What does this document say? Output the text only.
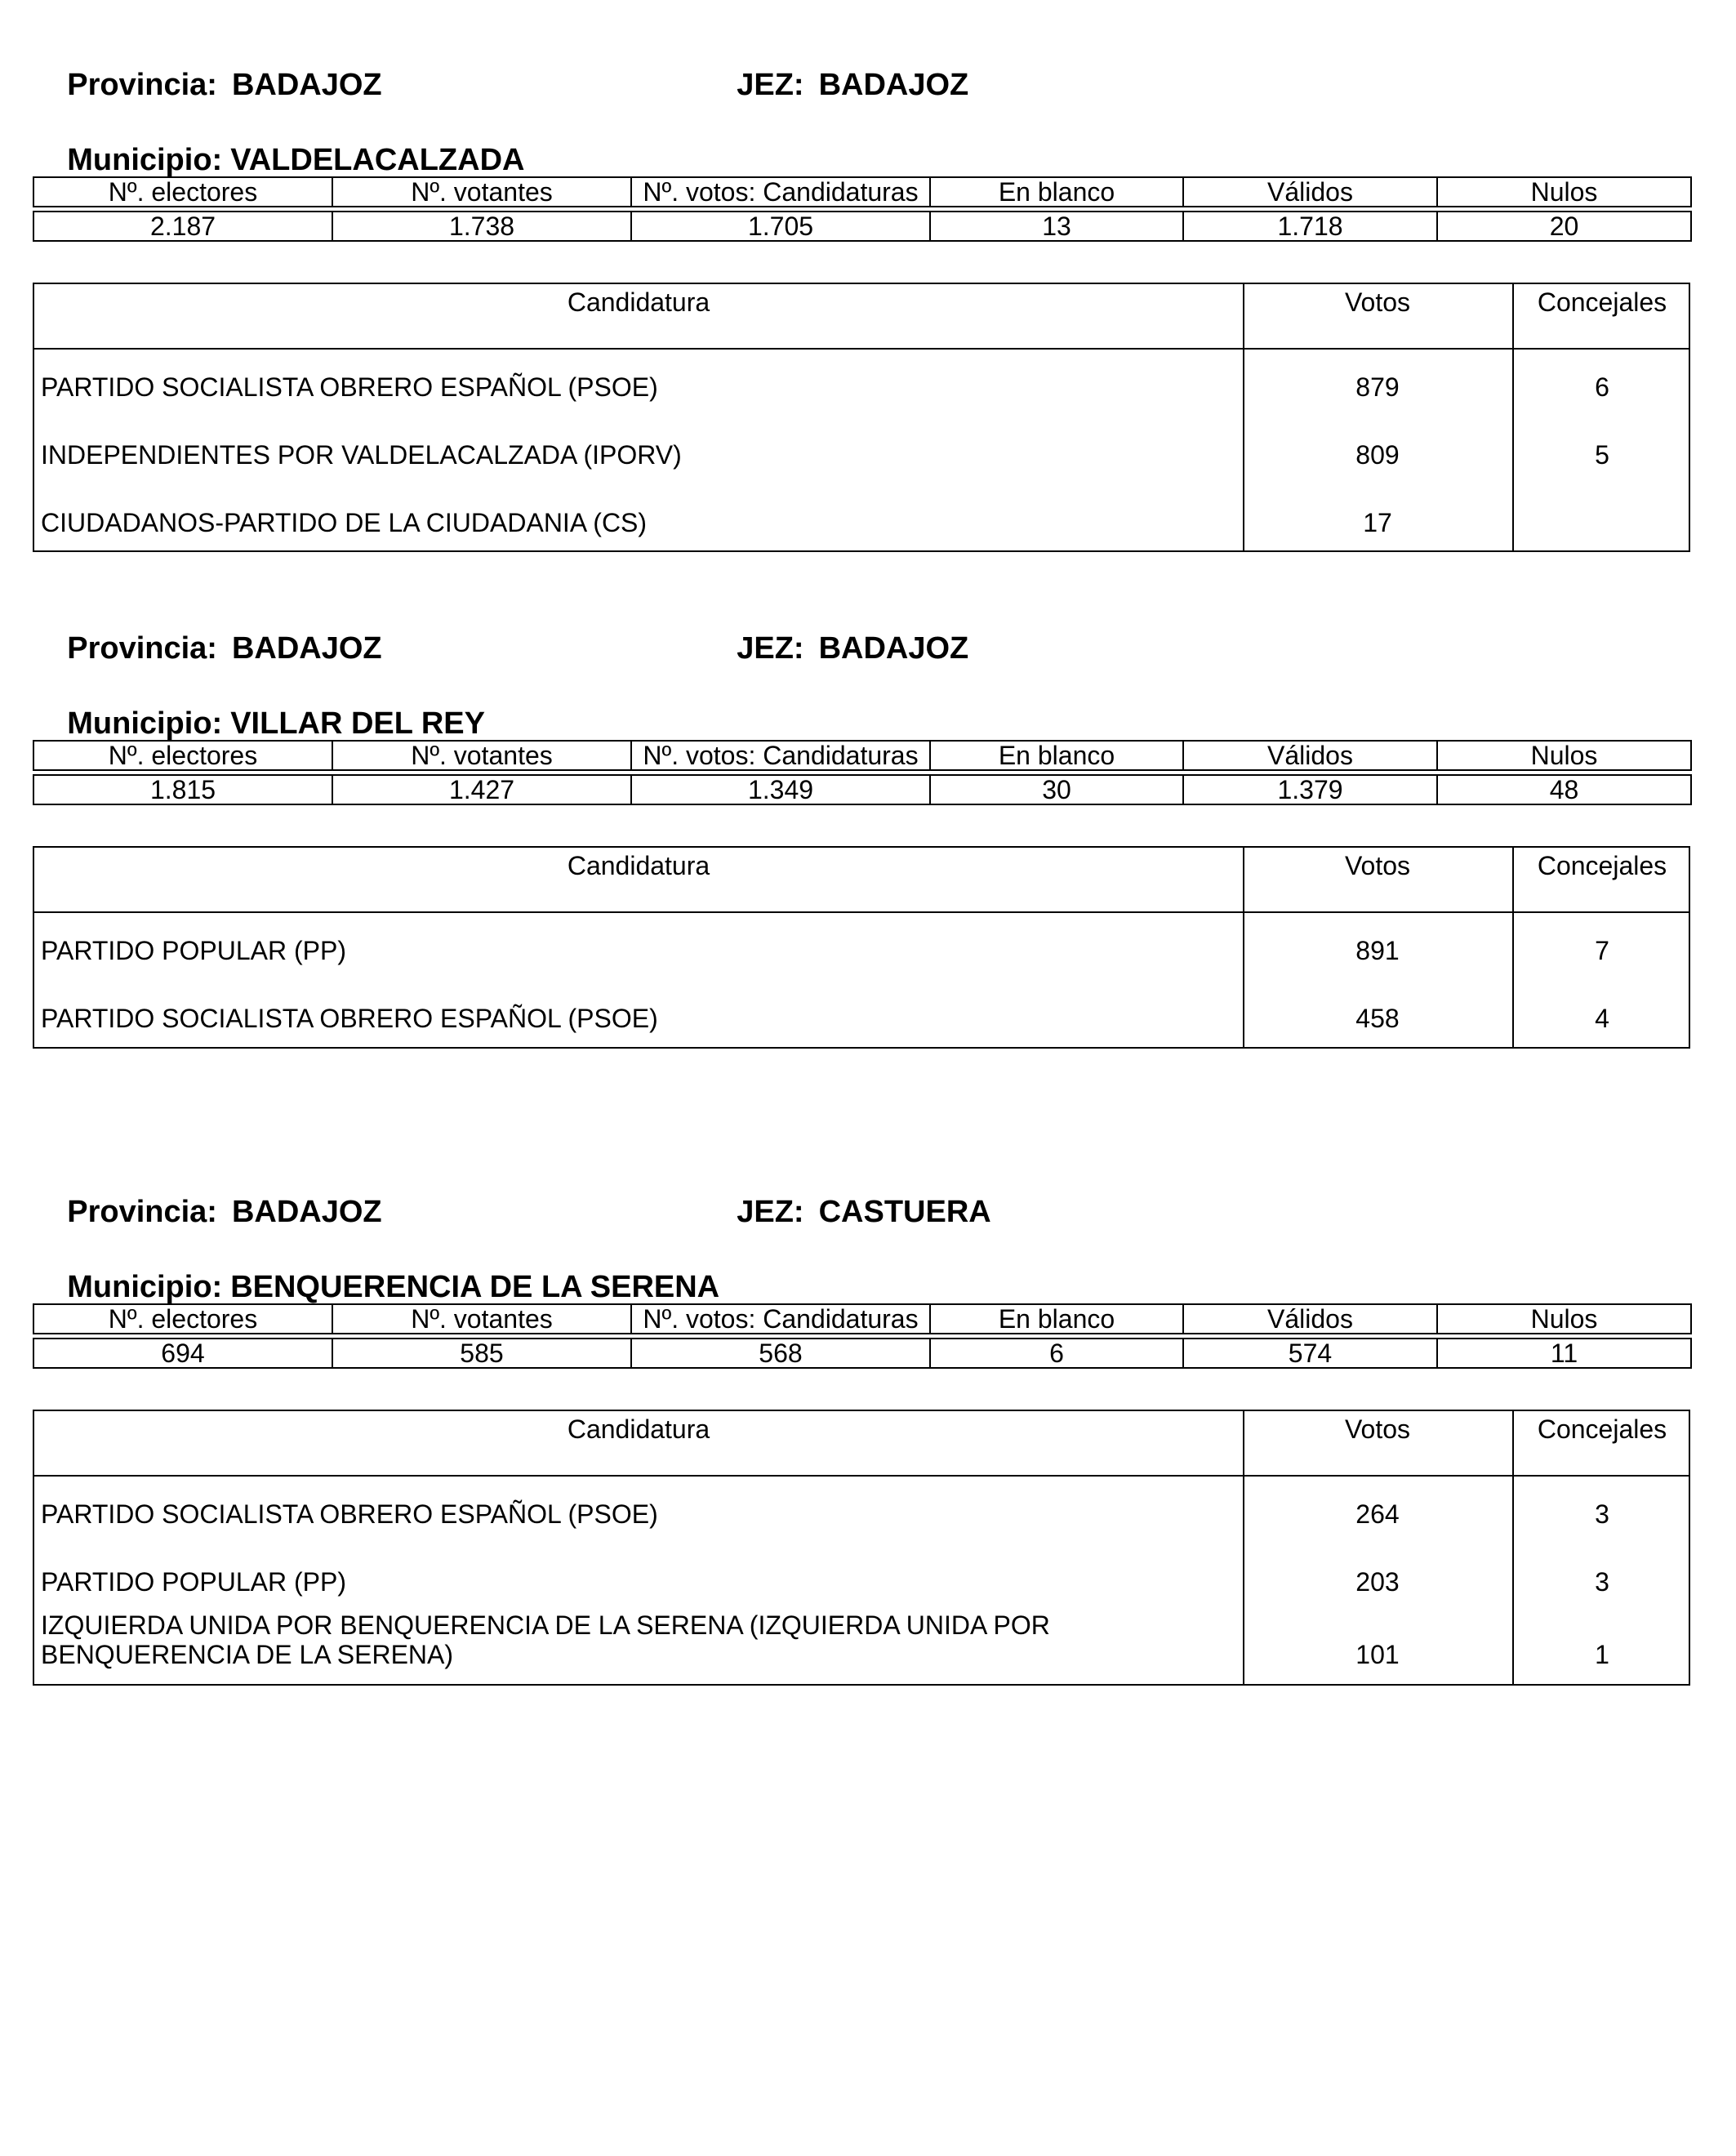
Provincia: BADAJOZ
	JEZ: BADAJOZ

Municipio: VALDELACALZADA

Nº. electores	Nº. votantes	Nº. votos: Candidaturas	En blanco	Válidos	Nulos

2.187	1.738	1.705	13	1.718	20
Candidatura	Votos	Concejales
PARTIDO SOCIALISTA OBRERO ESPAÑOL (PSOE)	879	6
INDEPENDIENTES POR VALDELACALZADA (IPORV)	809	5
CIUDADANOS-PARTIDO DE LA CIUDADANIA (CS)	17

Provincia: BADAJOZ
	JEZ: BADAJOZ

Municipio: VILLAR DEL REY

Nº. electores	Nº. votantes	Nº. votos: Candidaturas	En blanco	Válidos	Nulos

1.815	1.427	1.349	30	1.379	48
Candidatura	Votos	Concejales
PARTIDO POPULAR (PP)	891	7
PARTIDO SOCIALISTA OBRERO ESPAÑOL (PSOE)	458	4

Provincia: BADAJOZ
	JEZ: CASTUERA

Municipio: BENQUERENCIA DE LA SERENA

Nº. electores	Nº. votantes	Nº. votos: Candidaturas	En blanco	Válidos	Nulos

694	585	568	6	574	11
Candidatura	Votos	Concejales
PARTIDO SOCIALISTA OBRERO ESPAÑOL (PSOE)	264	3
PARTIDO POPULAR (PP)	203	3
IZQUIERDA UNIDA POR BENQUERENCIA DE LA SERENA (IZQUIERDA UNIDA POR BENQUERENCIA DE LA SERENA)	101	1
